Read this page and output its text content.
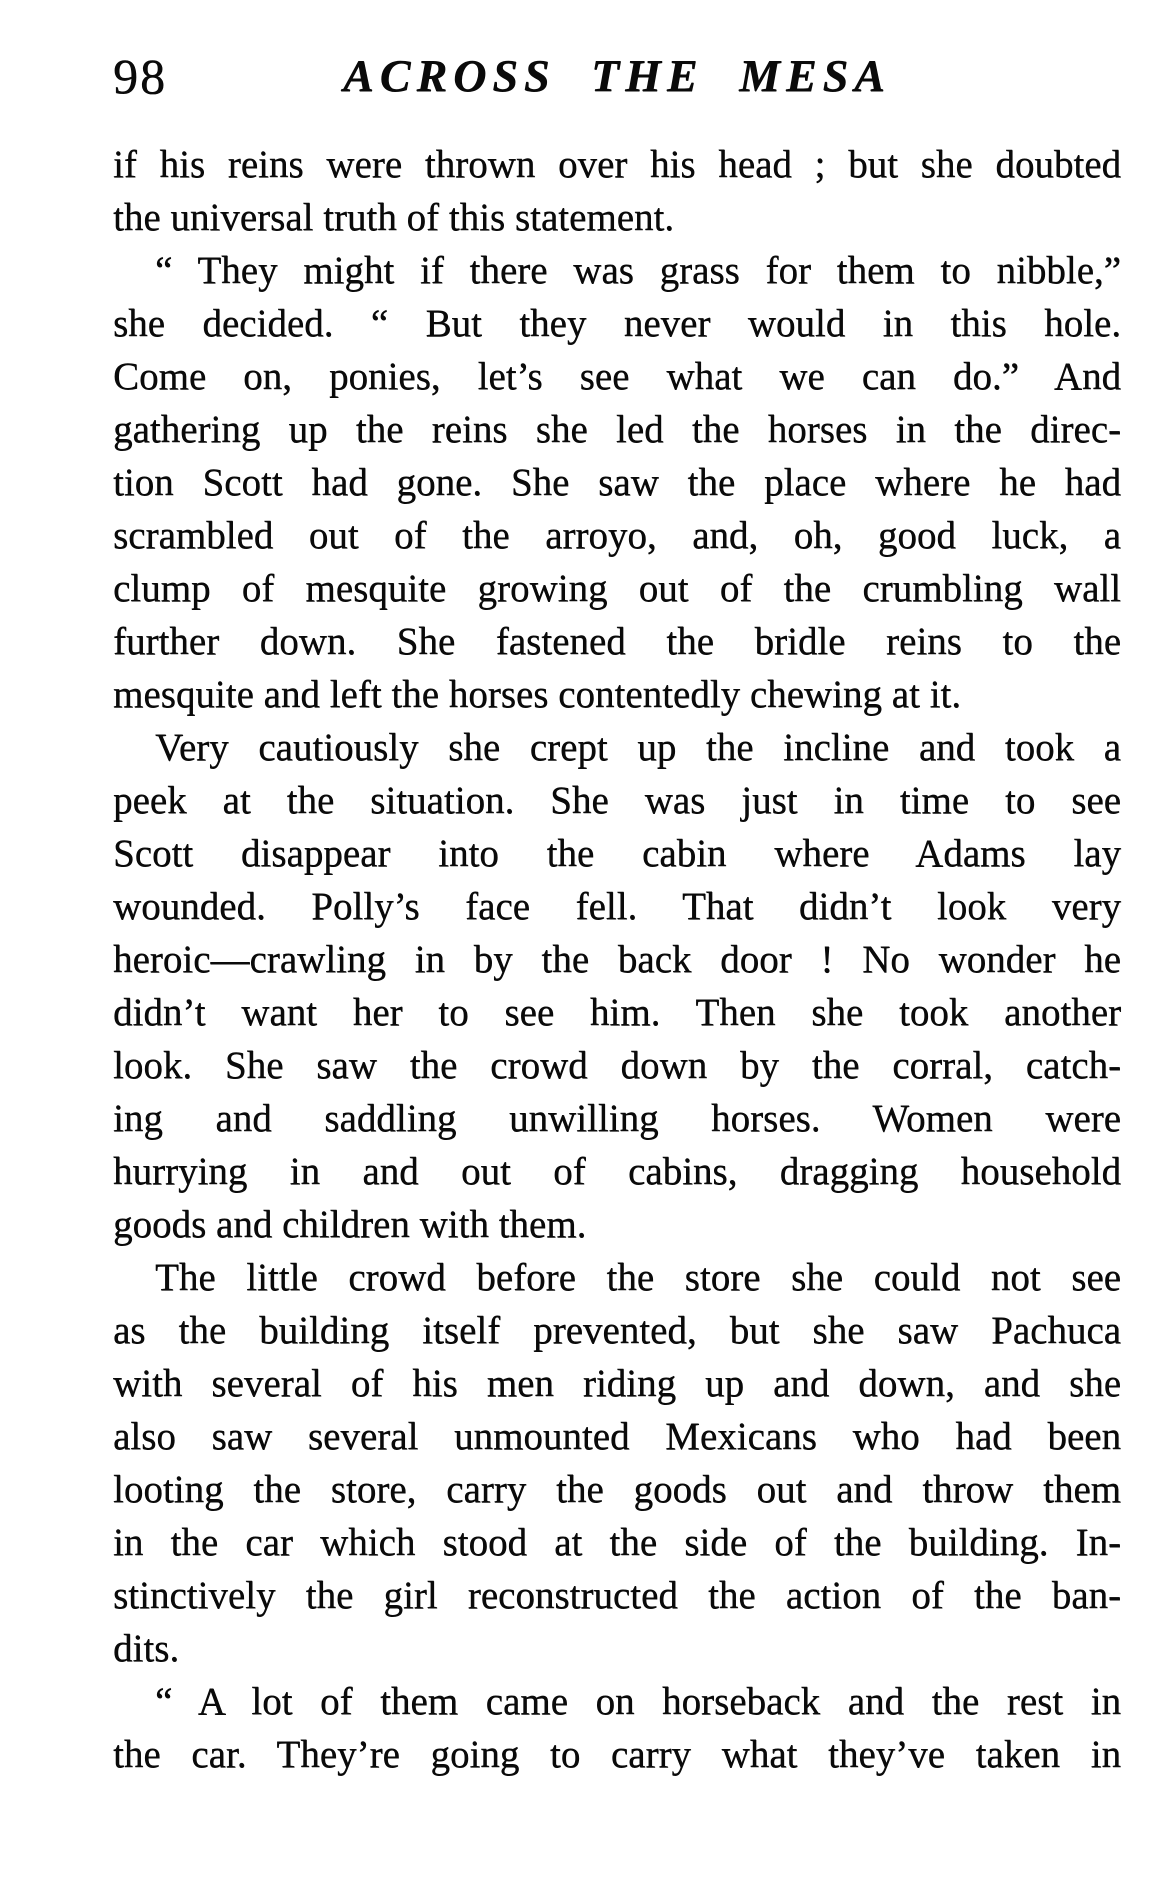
98	ACROSS THE MESA
if his reins were thrown over his head ; but she doubted
the universal truth of this statement.
“ They might if there was grass for them to nibble,”
she decided. “ But they never would in this hole.
Come on, ponies, let’s see what we can do.” And
gathering up the reins she led the horses in the direc-
tion Scott had gone. She saw the place where he had
scrambled out of the arroyo, and, oh, good luck, a
clump of mesquite growing out of the crumbling wall
further down. She fastened the bridle reins to the
mesquite and left the horses contentedly chewing at it.
Very cautiously she crept up the incline and took a
peek at the situation. She was just in time to see
Scott disappear into the cabin where Adams lay
wounded. Polly’s face fell. That didn’t look very
heroic—crawling in by the back door ! No wonder he
didn’t want her to see him. Then she took another
look. She saw the crowd down by the corral, catch-
ing and saddling unwilling horses. Women were
hurrying in and out of cabins, dragging household
goods and children with them.
The little crowd before the store she could not see
as the building itself prevented, but she saw Pachuca
with several of his men riding up and down, and she
also saw several unmounted Mexicans who had been
looting the store, carry the goods out and throw them
in the car which stood at the side of the building. In-
stinctively the girl reconstructed the action of the ban-
dits.
“ A lot of them came on horseback and the rest in
the car. They’re going to carry what they’ve taken in
